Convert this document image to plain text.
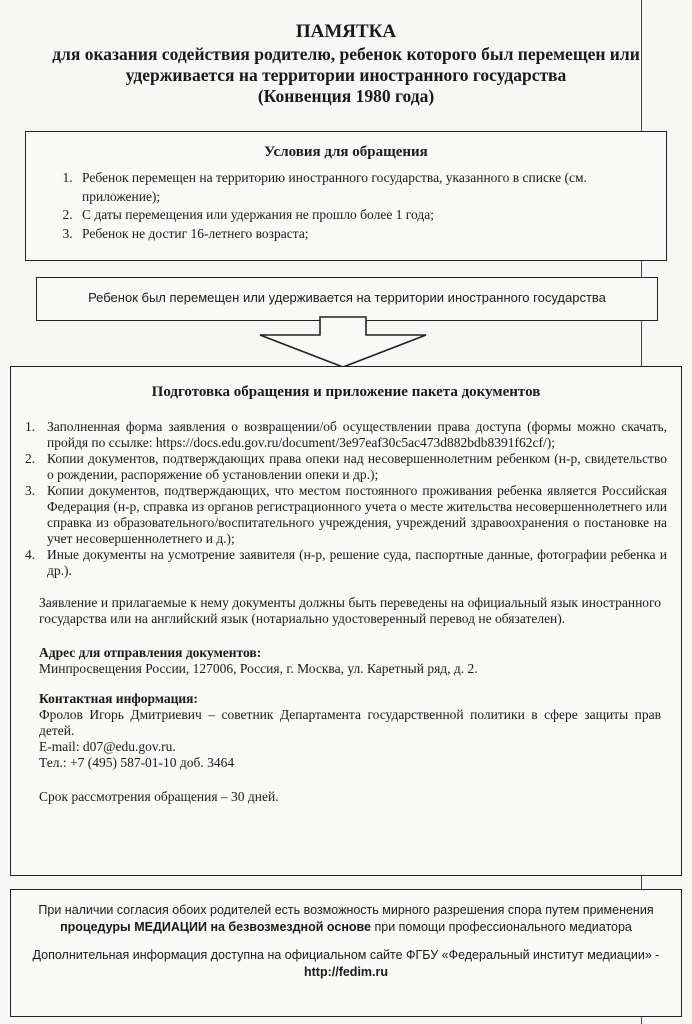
ПАМЯТКА
для оказания содействия родителю, ребенок которого был перемещен или
удерживается на территории иностранного государства
(Конвенция 1980 года)
Условия для обращения
1. Ребенок перемещен на территорию иностранного государства, указанного в списке (см. приложение);
2. С даты перемещения или удержания не прошло более 1 года;
3. Ребенок не достиг 16-летнего возраста;
Ребенок был перемещен или удерживается на территории иностранного государства
Подготовка обращения и приложение пакета документов
1. Заполненная форма заявления о возвращении/об осуществлении права доступа (формы можно скачать, пройдя по ссылке: https://docs.edu.gov.ru/document/3e97eaf30c5ac473d882bdb8391f62cf/);
2. Копии документов, подтверждающих права опеки над несовершеннолетним ребенком (н-р, свидетельство о рождении, распоряжение об установлении опеки и др.);
3. Копии документов, подтверждающих, что местом постоянного проживания ребенка является Российская Федерация (н-р, справка из органов регистрационного учета о месте жительства несовершеннолетнего или справка из образовательного/воспитательного учреждения, учреждений здравоохранения о постановке на учет несовершеннолетнего и д.);
4. Иные документы на усмотрение заявителя (н-р, решение суда, паспортные данные, фотографии ребенка и др.).
Заявление и прилагаемые к нему документы должны быть переведены на официальный язык иностранного государства или на английский язык (нотариально удостоверенный перевод не обязателен).
Адрес для отправления документов:
Минпросвещения России, 127006, Россия, г. Москва, ул. Каретный ряд, д. 2.
Контактная информация:
Фролов Игорь Дмитриевич – советник Департамента государственной политики в сфере защиты прав детей.
E-mail: d07@edu.gov.ru.
Тел.: +7 (495) 587-01-10 доб. 3464
Срок рассмотрения обращения – 30 дней.
При наличии согласия обоих родителей есть возможность мирного разрешения спора путем применения процедуры МЕДИАЦИИ на безвозмездной основе при помощи профессионального медиатора
Дополнительная информация доступна на официальном сайте ФГБУ «Федеральный институт медиации» - http://fedim.ru
